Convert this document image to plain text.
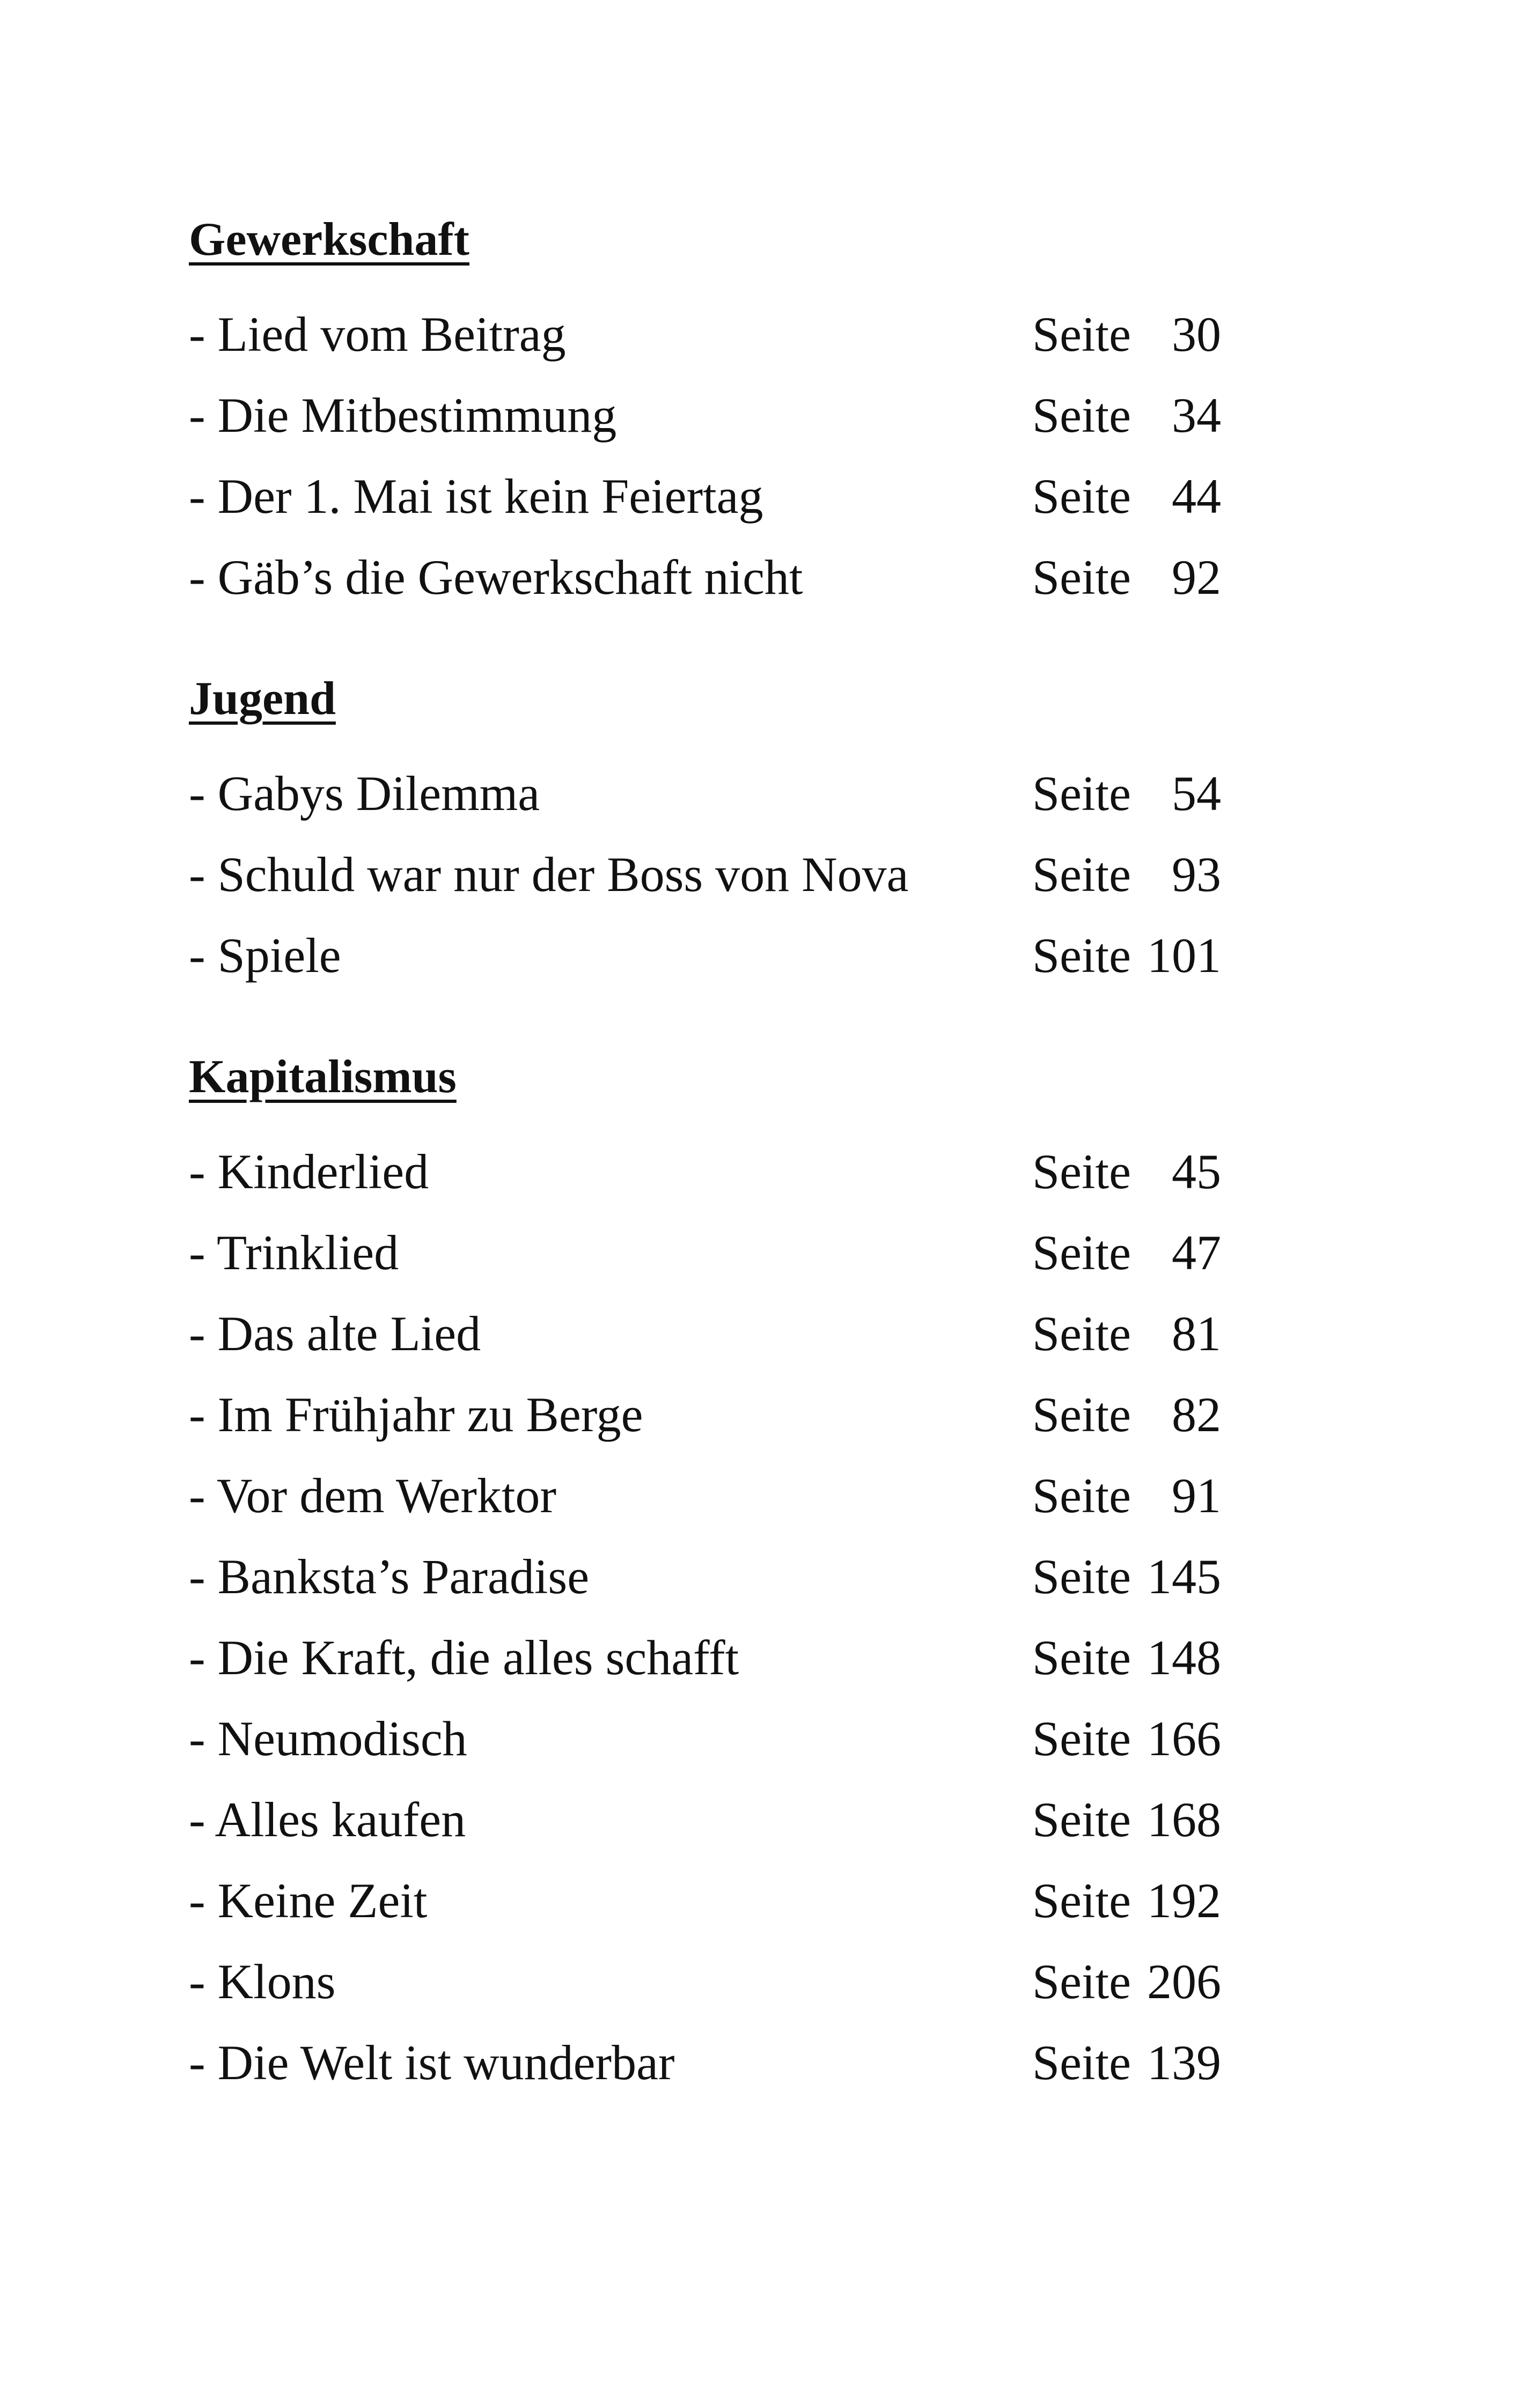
Gewerkschaft
- Lied vom Beitrag	Seite 30
- Die Mitbestimmung	Seite 34
- Der 1. Mai ist kein Feiertag	Seite 44
- Gäb’s die Gewerkschaft nicht	Seite 92
Jugend
- Gabys Dilemma	Seite 54
- Schuld war nur der Boss von Nova	Seite 93
- Spiele	Seite 101
Kapitalismus
- Kinderlied	Seite 45
- Trinklied	Seite 47
- Das alte Lied	Seite 81
- Im Frühjahr zu Berge	Seite 82
- Vor dem Werktor	Seite 91
- Banksta’s Paradise	Seite 145
- Die Kraft, die alles schafft	Seite 148
- Neumodisch	Seite 166
- Alles kaufen	Seite 168
- Keine Zeit	Seite 192
- Klons	Seite 206
- Die Welt ist wunderbar	Seite 139
